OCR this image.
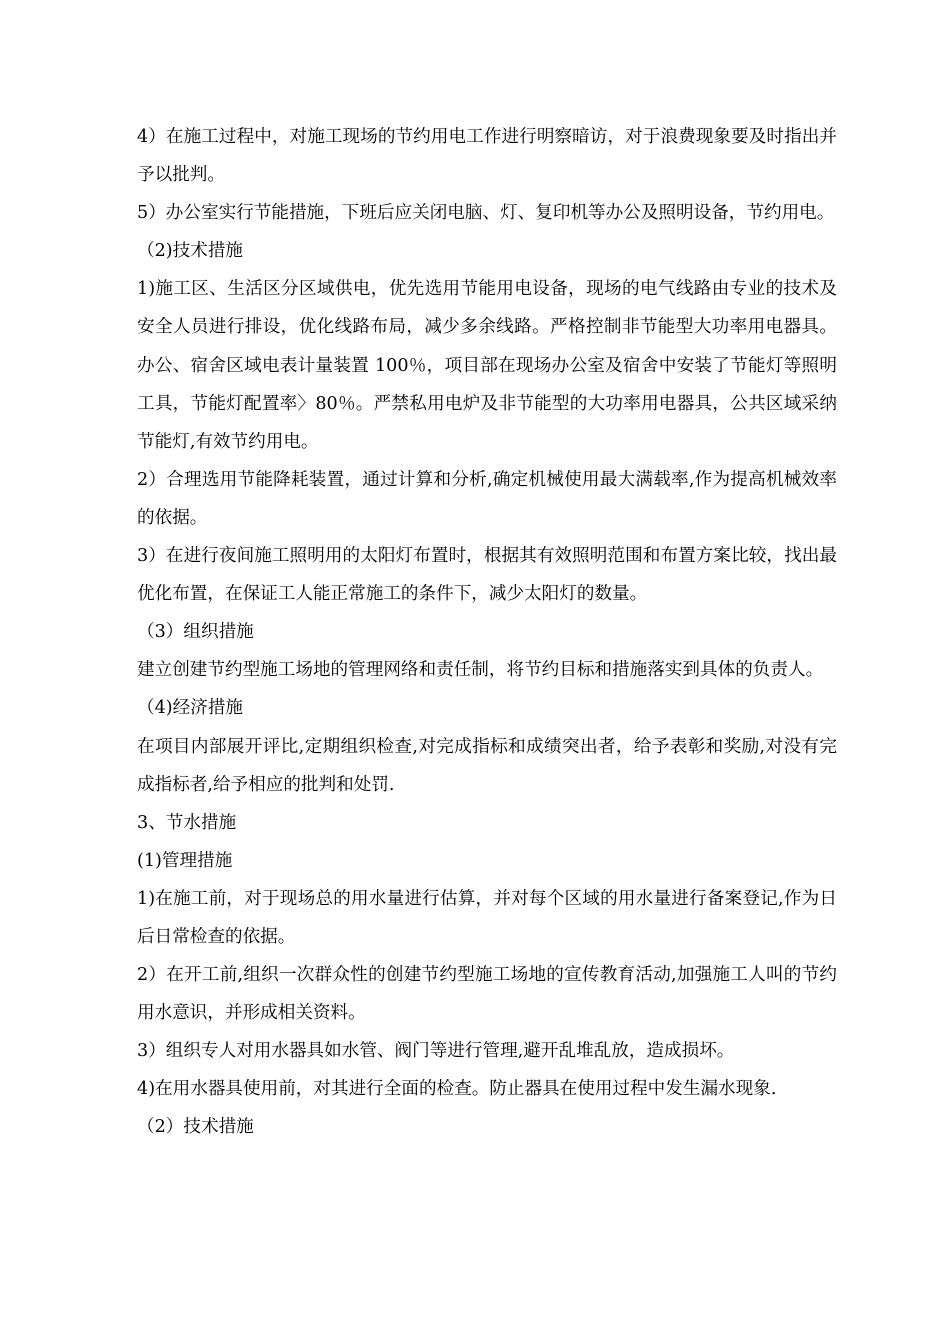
4）在施工过程中，对施工现场的节约用电工作进行明察暗访，对于浪费现象要及时指出并予以批判。

5）办公室实行节能措施，下班后应关闭电脑、灯、复印机等办公及照明设备，节约用电。

（2)技术措施

1)施工区、生活区分区域供电，优先选用节能用电设备，现场的电气线路由专业的技术及安全人员进行排设，优化线路布局，减少多余线路。严格控制非节能型大功率用电器具。办公、宿舍区域电表计量装置 100％，项目部在现场办公室及宿舍中安装了节能灯等照明工具，节能灯配置率〉80％。严禁私用电炉及非节能型的大功率用电器具，公共区域采纳节能灯,有效节约用电。

2）合理选用节能降耗装置，通过计算和分析,确定机械使用最大满载率,作为提高机械效率的依据。

3）在进行夜间施工照明用的太阳灯布置时，根据其有效照明范围和布置方案比较，找出最优化布置，在保证工人能正常施工的条件下，减少太阳灯的数量。

（3）组织措施

建立创建节约型施工场地的管理网络和责任制，将节约目标和措施落实到具体的负责人。

（4)经济措施

在项目内部展开评比,定期组织检查,对完成指标和成绩突出者，给予表彰和奖励,对没有完成指标者,给予相应的批判和处罚.

3、节水措施

(1)管理措施

1)在施工前，对于现场总的用水量进行估算，并对每个区域的用水量进行备案登记,作为日后日常检查的依据。

2）在开工前,组织一次群众性的创建节约型施工场地的宣传教育活动,加强施工人叫的节约用水意识，并形成相关资料。

3）组织专人对用水器具如水管、阀门等进行管理,避开乱堆乱放，造成损坏。

4)在用水器具使用前，对其进行全面的检查。防止器具在使用过程中发生漏水现象.

（2）技术措施
